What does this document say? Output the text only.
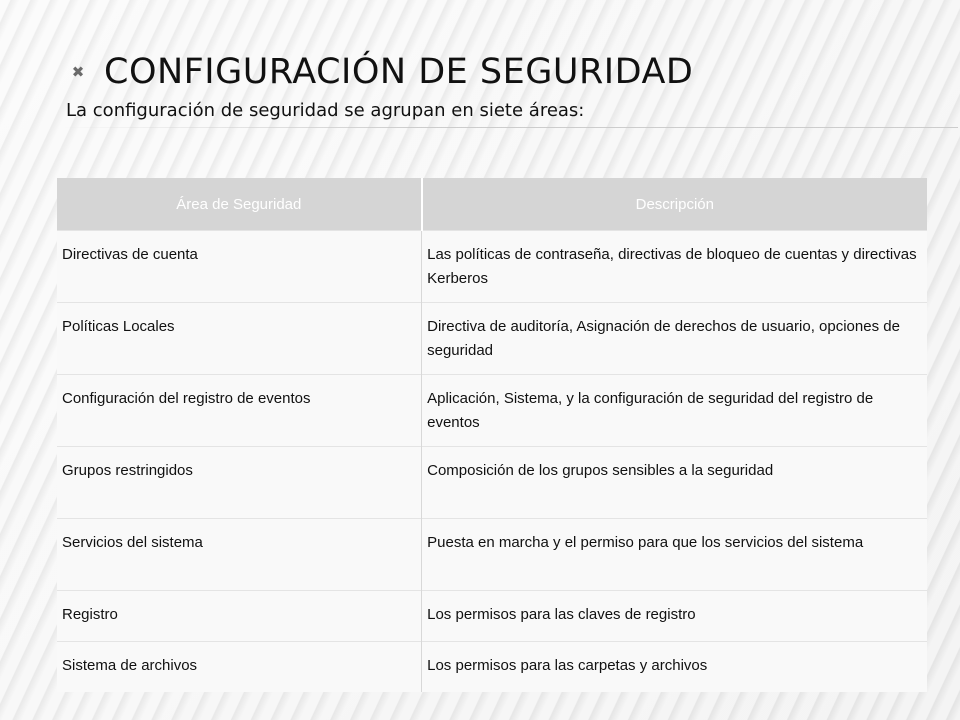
✖ CONFIGURACIÓN DE SEGURIDAD
La configuración de seguridad se agrupan en siete áreas:
Área de Seguridad	Descripción
Directivas de cuenta	Las políticas de contraseña, directivas de bloqueo de cuentas y directivas Kerberos
Políticas Locales	Directiva de auditoría, Asignación de derechos de usuario, opciones de seguridad
Configuración del registro de eventos	Aplicación, Sistema, y la configuración de seguridad del registro de eventos
Grupos restringidos	Composición de los grupos sensibles a la seguridad
Servicios del sistema	Puesta en marcha y el permiso para que los servicios del sistema
Registro	Los permisos para las claves de registro
Sistema de archivos	Los permisos para las carpetas y archivos
